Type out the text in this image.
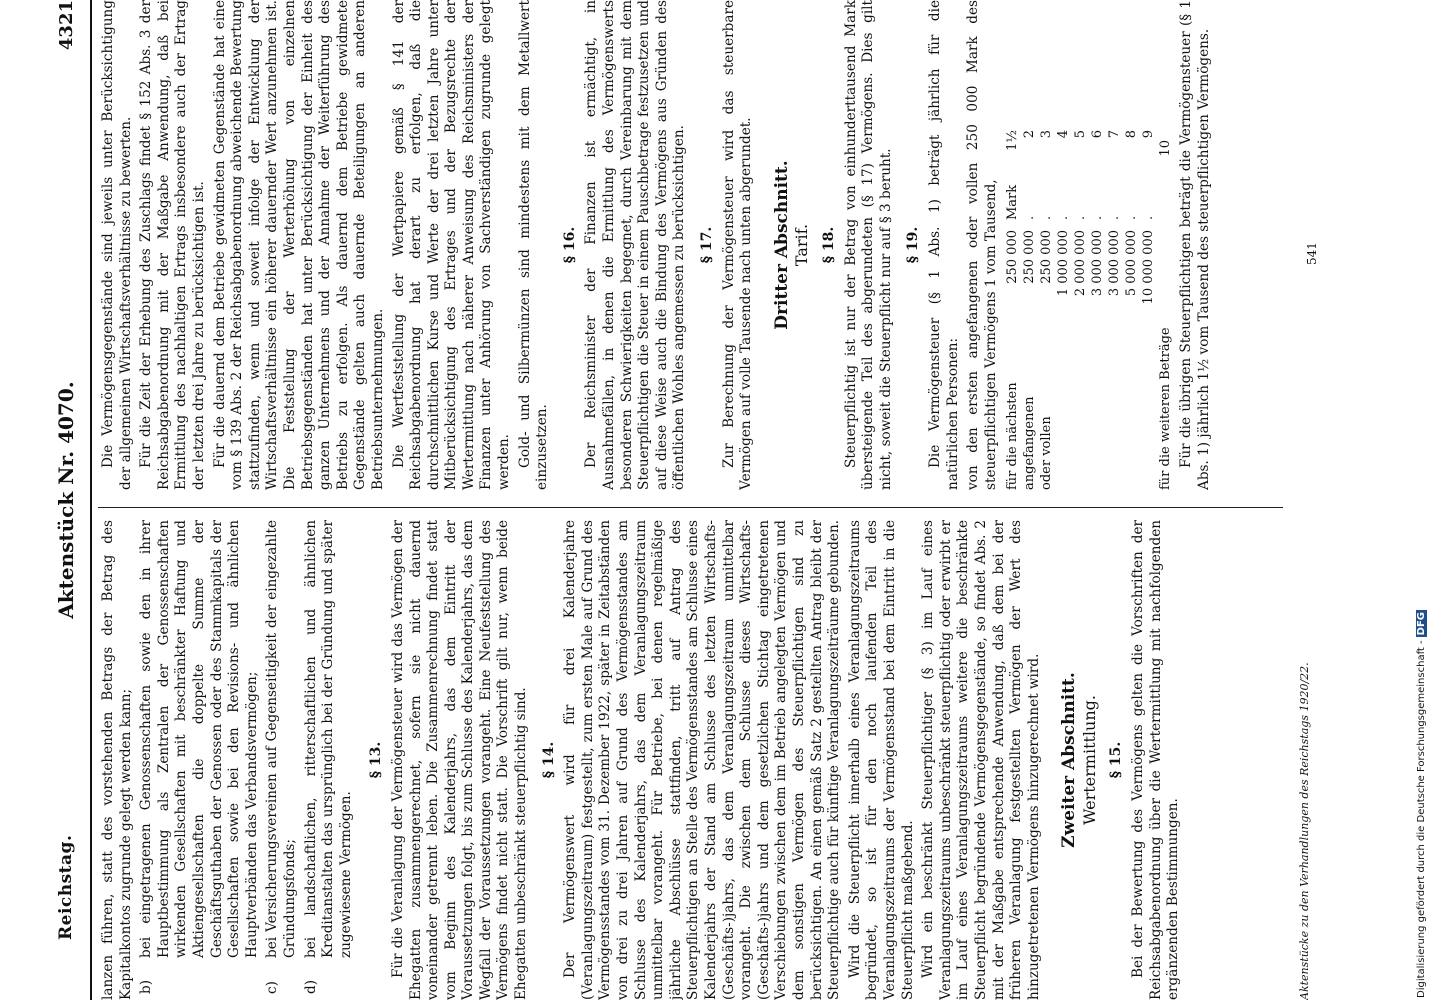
Reichstag.
Aktenstück Nr. 4070.
4321

lanzen führen, statt des vorstehenden Betrags der Betrag des Kapitalkontos zugrunde gelegt werden kann; b)
bei eingetragenen Genossenschaften sowie den in ihrer Hauptbestimmung als Zentralen der Genossenschaften wirkenden Gesellschaften mit beschränkter Haftung und Aktiengesellschaften die doppelte Summe der Geschäftsguthaben der Genossen oder des Stammkapitals der Gesellschaften sowie bei den Revisions- und ähnlichen Hauptverbänden das Verbandsvermögen;
c)
bei Versicherungsvereinen auf Gegenseitigkeit der eingezahlte Gründungsfonds;
d)
bei landschaftlichen, ritterschaftlichen und ähnlichen Kreditanstalten das ursprünglich bei der Gründung und später zugewiesene Vermögen.
§ 13. Für die Veranlagung der Vermögensteuer wird das Vermögen der Ehegatten zusammengerechnet, sofern sie nicht dauernd voneinander getrennt leben. Die Zusammenrechnung findet statt vom Beginn des Kalenderjahrs, das dem Eintritt der Voraussetzungen folgt, bis zum Schlusse des Kalenderjahrs, das dem Wegfall der Voraussetzungen vorangeht. Eine Neufeststellung des Vermögens findet nicht statt. Die Vorschrift gilt nur, wenn beide Ehegatten unbeschränkt steuerpflichtig sind. § 14. Der Vermögenswert wird für drei Kalenderjahre (Veranlagungszeitraum) festgestellt, zum ersten Male auf Grund des Vermögensstandes vom 31. Dezember 1922, später in Zeitabständen von drei zu drei Jahren auf Grund des Vermögensstandes am Schlusse des Kalenderjahrs, das dem Veranlagungszeitraum unmittelbar vorangeht. Für Betriebe, bei denen regelmäßige jährliche Abschlüsse stattfinden, tritt auf Antrag des Steuerpflichtigen an Stelle des Vermögensstandes am Schlusse eines Kalenderjahrs der Stand am Schlusse des letzten Wirtschafts-(Geschäfts-)jahrs, das dem Veranlagungszeitraum unmittelbar vorangeht. Die zwischen dem Schlusse dieses Wirtschafts-(Geschäfts-)jahrs und dem gesetzlichen Stichtag eingetretenen Verschiebungen zwischen dem im Betrieb angelegten Vermögen und dem sonstigen Vermögen des Steuerpflichtigen sind zu berücksichtigen. An einen gemäß Satz 2 gestellten Antrag bleibt der Steuerpflichtige auch für künftige Veranlagungszeiträume gebunden. Wird die Steuerpflicht innerhalb eines Veranlagungszeitraums begründet, so ist für den noch laufenden Teil des Veranlagungszeitraums der Vermögensstand bei dem Eintritt in die Steuerpflicht maßgebend. Wird ein beschränkt Steuerpflichtiger (§ 3) im Lauf eines Veranlagungszeitraums unbeschränkt steuerpflichtig oder erwirbt er im Lauf eines Veranlagungszeitraums weitere die beschränkte Steuerpflicht begründende Vermögensgegenstände, so findet Abs. 2 mit der Maßgabe entsprechende Anwendung, daß dem bei der früheren Veranlagung festgestellten Vermögen der Wert des hinzugetretenen Vermögens hinzugerechnet wird. Zweiter Abschnitt. Wertermittlung. § 15. Bei der Bewertung des Vermögens gelten die Vorschriften der Reichsabgabenordnung über die Wertermittlung mit nachfolgenden ergänzenden Bestimmungen.

Die Vermögensgegenstände sind jeweils unter Berücksichtigung der allgemeinen Wirtschaftsverhältnisse zu bewerten. Für die Zeit der Erhebung des Zuschlags findet § 152 Abs. 3 der Reichsabgabenordnung mit der Maßgabe Anwendung, daß bei Ermittlung des nachhaltigen Ertrags insbesondere auch der Ertrag der letzten drei Jahre zu berücksichtigen ist. Für die dauernd dem Betriebe gewidmeten Gegenstände hat eine vom § 139 Abs. 2 der Reichsabgabenordnung abweichende Bewertung stattzufinden, wenn und soweit infolge der Entwicklung der Wirtschaftsverhältnisse ein höherer dauernder Wert anzunehmen ist. Die Feststellung der Werterhöhung von einzelnen Betriebsgegenständen hat unter Berücksichtigung der Einheit des ganzen Unternehmens und der Annahme der Weiterführung des Betriebs zu erfolgen. Als dauernd dem Betriebe gewidmete Gegenstände gelten auch dauernde Beteiligungen an anderen Betriebsunternehmungen. Die Wertfeststellung der Wertpapiere gemäß § 141 der Reichsabgabenordnung hat derart zu erfolgen, daß die durchschnittlichen Kurse und Werte der drei letzten Jahre unter Mitberücksichtigung des Ertrages und der Bezugsrechte der Wertermittlung nach näherer Anweisung des Reichsministers der Finanzen unter Anhörung von Sachverständigen zugrunde gelegt werden. Gold- und Silbermünzen sind mindestens mit dem Metallwert einzusetzen.

§ 16. Der Reichsminister der Finanzen ist ermächtigt, in Ausnahmefällen, in denen die Ermittlung des Vermögenswerts besonderen Schwierigkeiten begegnet, durch Vereinbarung mit dem Steuerpflichtigen die Steuer in einem Pauschbetrage festzusetzen und auf diese Weise auch die Bindung des Vermögens aus Gründen des öffentlichen Wohles angemessen zu berücksichtigen. § 17. Zur Berechnung der Vermögensteuer wird das steuerbare Vermögen auf volle Tausende nach unten abgerundet. Dritter Abschnitt. Tarif. § 18. Steuerpflichtig ist nur der Betrag von einhunderttausend Mark übersteigende Teil des abgerundeten (§ 17) Vermögens. Dies gilt nicht, soweit die Steuerpflicht nur auf § 3 beruht. § 19. Die Vermögensteuer (§ 1 Abs. 1) beträgt jährlich für die natürlichen Personen: von den ersten angefangenen oder vollen 250 000 Mark des steuerpflichtigen Vermögens 1 vom Tausend, für die nächsten
250 000
Mark
1½
angefangenen
250 000
.
2
oder vollen
250 000
.
3
1 000 000
.
4
2 000 000
.
5
3 000 000
.
6
3 000 000
.
7
5 000 000
.
8
10 000 000
.
9
für die weiteren Beträge
10 Für die übrigen Steuerpflichtigen beträgt die Vermögensteuer (§ 1 Abs. 1) jährlich 1½ vom Tausend des steuerpflichtigen Vermögens.

Aktenstücke zu den Verhandlungen des Reichstags 1920/22.
541
Digitalisierung gefördert durch die Deutsche Forschungsgemeinschaft -DFG
